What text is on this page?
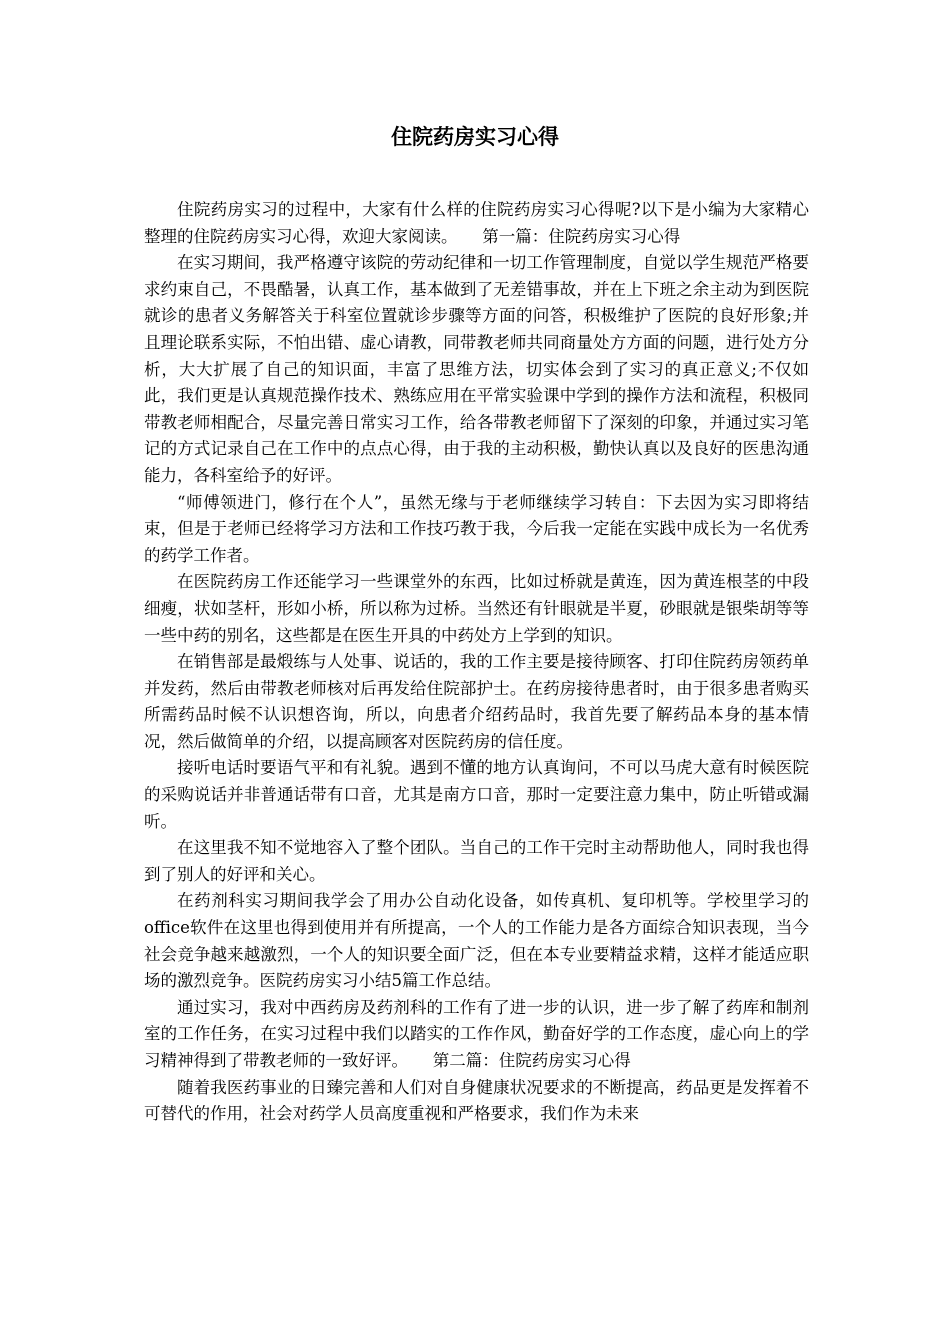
住院药房实习心得

住院药房实习的过程中，大家有什么样的住院药房实习心得呢?以下是小编为大家精心整理的住院药房实习心得，欢迎大家阅读。　　第一篇：住院药房实习心得

在实习期间，我严格遵守该院的劳动纪律和一切工作管理制度，自觉以学生规范严格要求约束自己，不畏酷暑，认真工作，基本做到了无差错事故，并在上下班之余主动为到医院就诊的患者义务解答关于科室位置就诊步骤等方面的问答，积极维护了医院的良好形象;并且理论联系实际，不怕出错、虚心请教，同带教老师共同商量处方方面的问题，进行处方分析，大大扩展了自己的知识面，丰富了思维方法，切实体会到了实习的真正意义;不仅如此，我们更是认真规范操作技术、熟练应用在平常实验课中学到的操作方法和流程，积极同带教老师相配合，尽量完善日常实习工作，给各带教老师留下了深刻的印象，并通过实习笔记的方式记录自己在工作中的点点心得，由于我的主动积极，勤快认真以及良好的医患沟通能力，各科室给予的好评。

“师傅领进门，修行在个人”，虽然无缘与于老师继续学习转自：下去因为实习即将结束，但是于老师已经将学习方法和工作技巧教于我，今后我一定能在实践中成长为一名优秀的药学工作者。

在医院药房工作还能学习一些课堂外的东西，比如过桥就是黄连，因为黄连根茎的中段细瘦，状如茎杆，形如小桥，所以称为过桥。当然还有针眼就是半夏，砂眼就是银柴胡等等一些中药的别名，这些都是在医生开具的中药处方上学到的知识。

在销售部是最煅练与人处事、说话的，我的工作主要是接待顾客、打印住院药房领药单并发药，然后由带教老师核对后再发给住院部护士。在药房接待患者时，由于很多患者购买所需药品时候不认识想咨询，所以，向患者介绍药品时，我首先要了解药品本身的基本情况，然后做简单的介绍，以提高顾客对医院药房的信任度。

接听电话时要语气平和有礼貌。遇到不懂的地方认真询问，不可以马虎大意有时候医院的采购说话并非普通话带有口音，尤其是南方口音，那时一定要注意力集中，防止听错或漏听。

在这里我不知不觉地容入了整个团队。当自己的工作干完时主动帮助他人，同时我也得到了别人的好评和关心。

在药剂科实习期间我学会了用办公自动化设备，如传真机、复印机等。学校里学习的office软件在这里也得到使用并有所提高，一个人的工作能力是各方面综合知识表现，当今社会竞争越来越激烈，一个人的知识要全面广泛，但在本专业要精益求精，这样才能适应职场的激烈竞争。医院药房实习小结5篇工作总结。

通过实习，我对中西药房及药剂科的工作有了进一步的认识，进一步了解了药库和制剂室的工作任务，在实习过程中我们以踏实的工作作风，勤奋好学的工作态度，虚心向上的学习精神得到了带教老师的一致好评。　　第二篇：住院药房实习心得

随着我医药事业的日臻完善和人们对自身健康状况要求的不断提高，药品更是发挥着不可替代的作用，社会对药学人员高度重视和严格要求，我们作为未来
